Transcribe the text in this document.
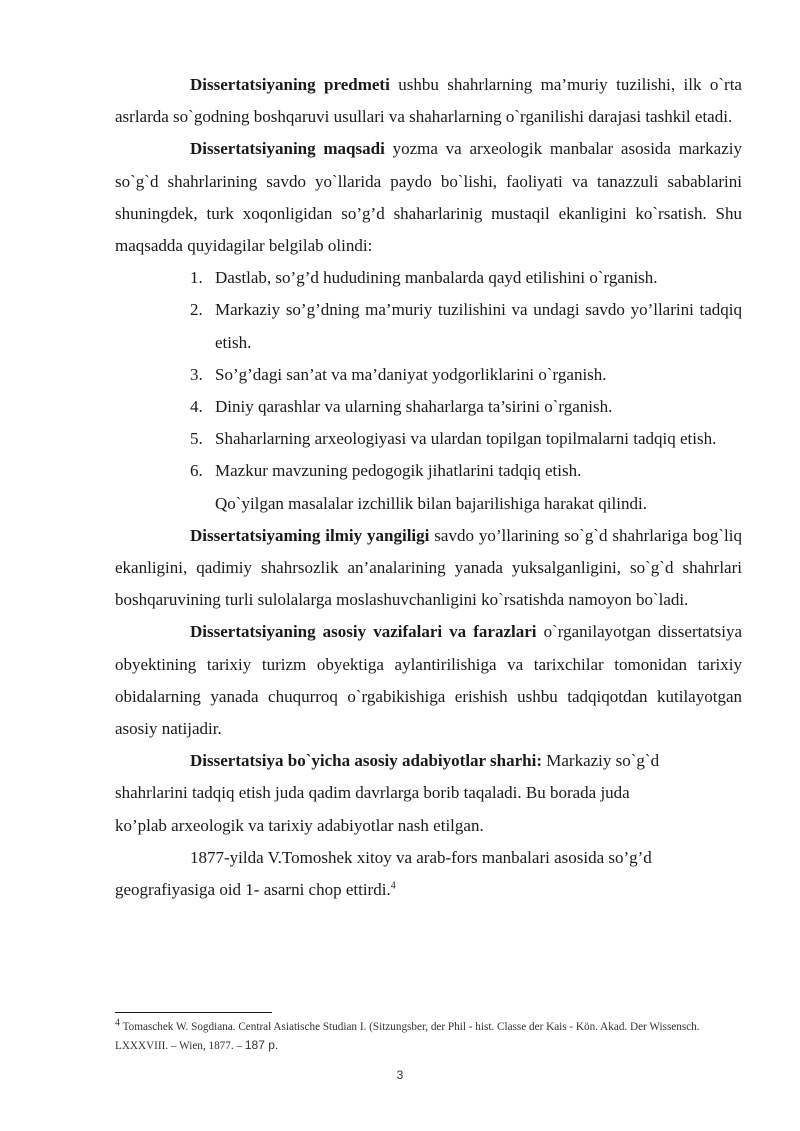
Dissertatsiyaning predmeti ushbu shahrlarning ma’muriy tuzilishi, ilk o`rta asrlarda so`godning boshqaruvi usullari va shaharlarning o`rganilishi darajasi tashkil etadi.

Dissertatsiyaning maqsadi yozma va arxeologik manbalar asosida markaziy so`g`d shahrlarining savdo yo`llarida paydo bo`lishi, faoliyati va tanazzuli sabablarini shuningdek, turk xoqonligidan so’g’d shaharlarinig mustaqil ekanligini ko`rsatish. Shu maqsadda quyidagilar belgilab olindi:

1. Dastlab, so’g’d hududining manbalarda qayd etilishini o`rganish.
2. Markaziy so’g’dning ma’muriy tuzilishini va undagi savdo yo’llarini tadqiq etish.
3. So’g’dagi san’at va ma’daniyat yodgorliklarini o`rganish.
4. Diniy qarashlar va ularning shaharlarga ta’sirini o`rganish.
5. Shaharlarning arxeologiyasi va ulardan topilgan topilmalarni tadqiq etish.
6. Mazkur mavzuning pedogogik jihatlarini tadqiq etish.

Qo`yilgan masalalar izchillik bilan bajarilishiga harakat qilindi.

Dissertatsiyaming ilmiy yangiligi savdo yo’llarining so`g`d shahrlariga bog`liq ekanligini, qadimiy shahrsozlik an’analarining yanada yuksalganligini, so`g`d shahrlari boshqaruvining turli sulolalarga moslashuvchanligini ko`rsatishda namoyon bo`ladi.

Dissertatsiyaning asosiy vazifalari va farazlari o`rganilayotgan dissertatsiya obyektining tarixiy turizm obyektiga aylantirilishiga va tarixchilar tomonidan tarixiy obidalarning yanada chuqurroq o`rgabikishiga erishish ushbu tadqiqotdan kutilayotgan asosiy natijadir.

Dissertatsiya bo`yicha asosiy adabiyotlar sharhi: Markaziy so`g`d
shahrlarini tadqiq etish juda qadim davrlarga borib taqaladi. Bu borada juda
ko’plab arxeologik va tarixiy adabiyotlar nash etilgan.

1877-yilda V.Tomoshek xitoy va arab-fors manbalari asosida so’g’d
geografiyasiga oid 1- asarni chop ettirdi.$^4$

$^4$ Tomaschek W. Sogdiana. Central Asiatische Studian I. (Sitzungsber, der Phil - hist. Classe der Kais - Kön. Akad. Der Wissensch. LXXXVIII. – Wien, 1877. – 187 p.
3
